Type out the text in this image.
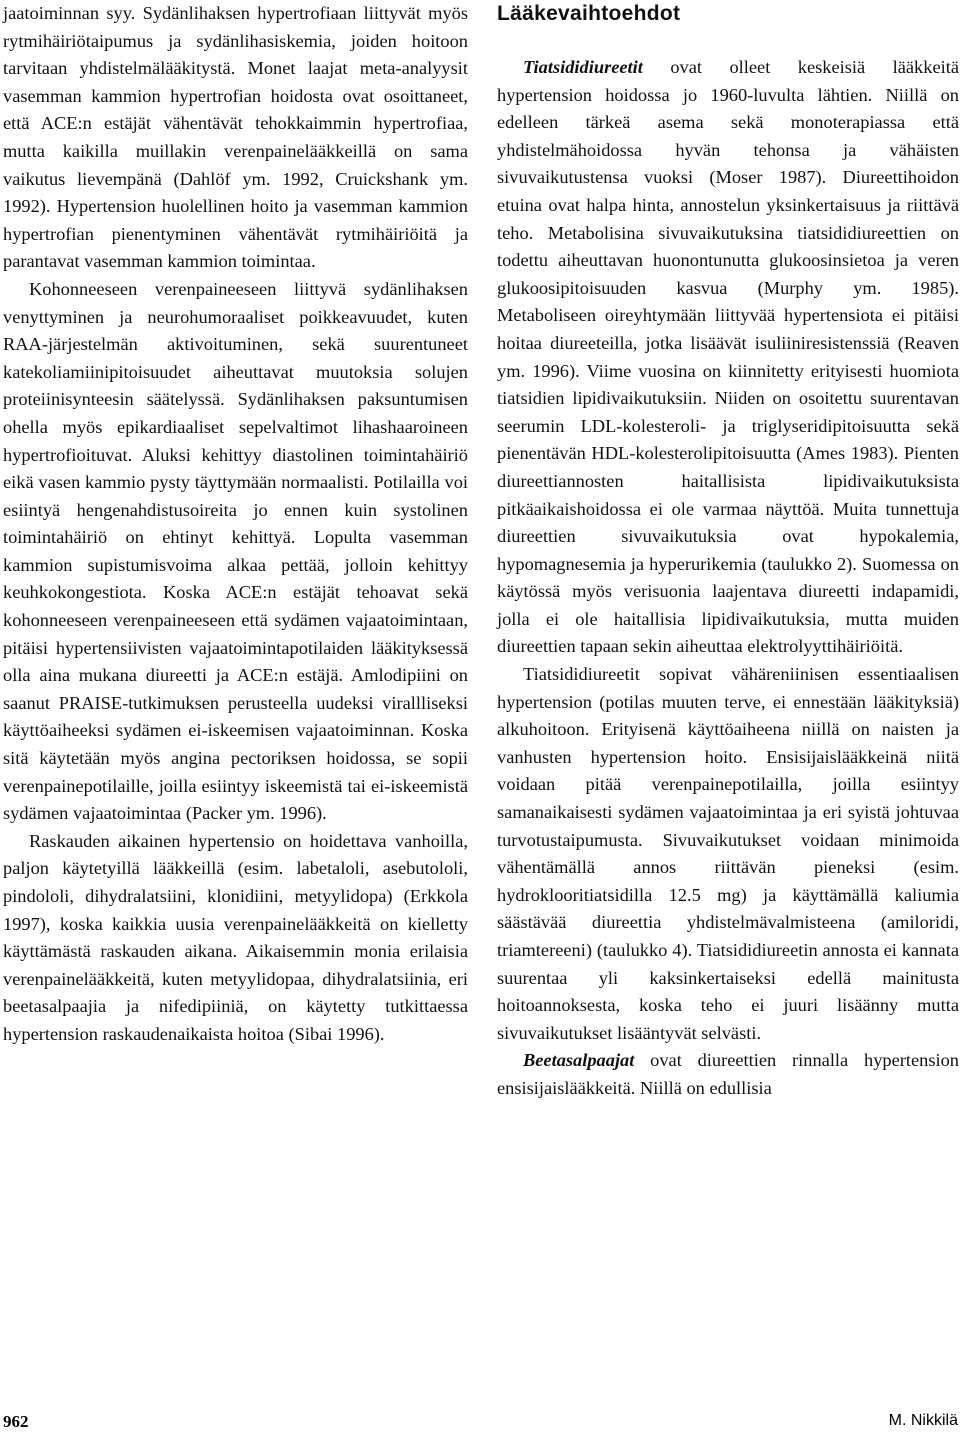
jaatoiminnan syy. Sydänlihaksen hypertrofiaan liittyvät myös rytmihäiriötaipumus ja sydänlihasiskemia, joiden hoitoon tarvitaan yhdistelmälääkitystä. Monet laajat meta-analyysit vasemman kammion hypertrofian hoidosta ovat osoittaneet, että ACE:n estäjät vähentävät tehokkaimmin hypertrofiaa, mutta kaikilla muillakin verenpainelääkkeillä on sama vaikutus lievempänä (Dahlöf ym. 1992, Cruickshank ym. 1992). Hypertension huolellinen hoito ja vasemman kammion hypertrofian pienentyminen vähentävät rytmihäiriöitä ja parantavat vasemman kammion toimintaa.

Kohonneeseen verenpaineeseen liittyvä sydänlihaksen venyttyminen ja neurohumoraaliset poikkeavuudet, kuten RAA-järjestelmän aktivoituminen, sekä suurentuneet katekoliamiinipitoisuudet aiheuttavat muutoksia solujen proteiinisynteesin säätelyssä. Sydänlihaksen paksuntumisen ohella myös epikardiaaliset sepelvaltimot lihashaaroineen hypertrofioituvat. Aluksi kehittyy diastolinen toimintahäiriö eikä vasen kammio pysty täyttymään normaalisti. Potilailla voi esiintyä hengenahdistusoireita jo ennen kuin systolinen toimintahäiriö on ehtinyt kehittyä. Lopulta vasemman kammion supistumisvoima alkaa pettää, jolloin kehittyy keuhkokongestiota. Koska ACE:n estäjät tehoavat sekä kohonneeseen verenpaineeseen että sydämen vajaatoimintaan, pitäisi hypertensiivisten vajaatoimintapotilaiden lääkityksessä olla aina mukana diureetti ja ACE:n estäjä. Amlodipiini on saanut PRAISE-tutkimuksen perusteella uudeksi virallliseksi käyttöaiheeksi sydämen ei-iskeemisen vajaatoiminnan. Koska sitä käytetään myös angina pectoriksen hoidossa, se sopii verenpainepotilaille, joilla esiintyy iskeemistä tai ei-iskeemistä sydämen vajaatoimintaa (Packer ym. 1996).

Raskauden aikainen hypertensio on hoidettava vanhoilla, paljon käytetyillä lääkkeillä (esim. labetaloli, asebutololi, pindololi, dihydralatsiini, klonidiini, metyylidopa) (Erkkola 1997), koska kaikkia uusia verenpainelääkkeitä on kielletty käyttämästä raskauden aikana. Aikaisemmin monia erilaisia verenpainelääkkeitä, kuten metyylidopaa, dihydralatsiinia, eri beetasalpaajia ja nifedipiiniä, on käytetty tutkittaessa hypertension raskaudenaikaista hoitoa (Sibai 1996).

Lääkevaihtoehdot

Tiatsididiureetit ovat olleet keskeisiä lääkkeitä hypertension hoidossa jo 1960-luvulta lähtien. Niillä on edelleen tärkeä asema sekä monoterapiassa että yhdistelmähoidossa hyvän tehonsa ja vähäisten sivuvaikutustensa vuoksi (Moser 1987). Diureettihoidon etuina ovat halpa hinta, annostelun yksinkertaisuus ja riittävä teho. Metabolisina sivuvaikutuksina tiatsididiureettien on todettu aiheuttavan huonontunutta glukoosinsietoa ja veren glukoosipitoisuuden kasvua (Murphy ym. 1985). Metaboliseen oireyhtymään liittyvää hypertensiota ei pitäisi hoitaa diureeteilla, jotka lisäävät isuliiniresistenssiä (Reaven ym. 1996). Viime vuosina on kiinnitetty erityisesti huomiota tiatsidien lipidivaikutuksiin. Niiden on osoitettu suurentavan seerumin LDL-kolesteroli- ja triglyseridipitoisuutta sekä pienentävän HDL-kolesterolipitoisuutta (Ames 1983). Pienten diureettiannosten haitallisista lipidivaikutuksista pitkäaikaishoidossa ei ole varmaa näyttöä. Muita tunnettuja diureettien sivuvaikutuksia ovat hypokalemia, hypomagnesemia ja hyperurikemia (taulukko 2). Suomessa on käytössä myös verisuonia laajentava diureetti indapamidi, jolla ei ole haitallisia lipidivaikutuksia, mutta muiden diureettien tapaan sekin aiheuttaa elektrolyyttihäiriöitä.

Tiatsididiureetit sopivat vähäreniinisen essentiaalisen hypertension (potilas muuten terve, ei ennestään lääkityksiä) alkuhoitoon. Erityisenä käyttöaiheena niillä on naisten ja vanhusten hypertension hoito. Ensisijaislääkkeinä niitä voidaan pitää verenpainepotilailla, joilla esiintyy samanaikaisesti sydämen vajaatoimintaa ja eri syistä johtuvaa turvotustaipumusta. Sivuvaikutukset voidaan minimoida vähentämällä annos riittävän pieneksi (esim. hydroklooritiatsidilla 12.5 mg) ja käyttämällä kaliumia säästävää diureettia yhdistelmävalmisteena (amiloridi, triamtereeni) (taulukko 4). Tiatsididiureetin annosta ei kannata suurentaa yli kaksinkertaiseksi edellä mainitusta hoitoannoksesta, koska teho ei juuri lisäänny mutta sivuvaikutukset lisääntyvät selvästi.

Beetasalpaajat ovat diureettien rinnalla hypertension ensisijaislääkkeitä. Niillä on edullisia

962	M. Nikkilä
